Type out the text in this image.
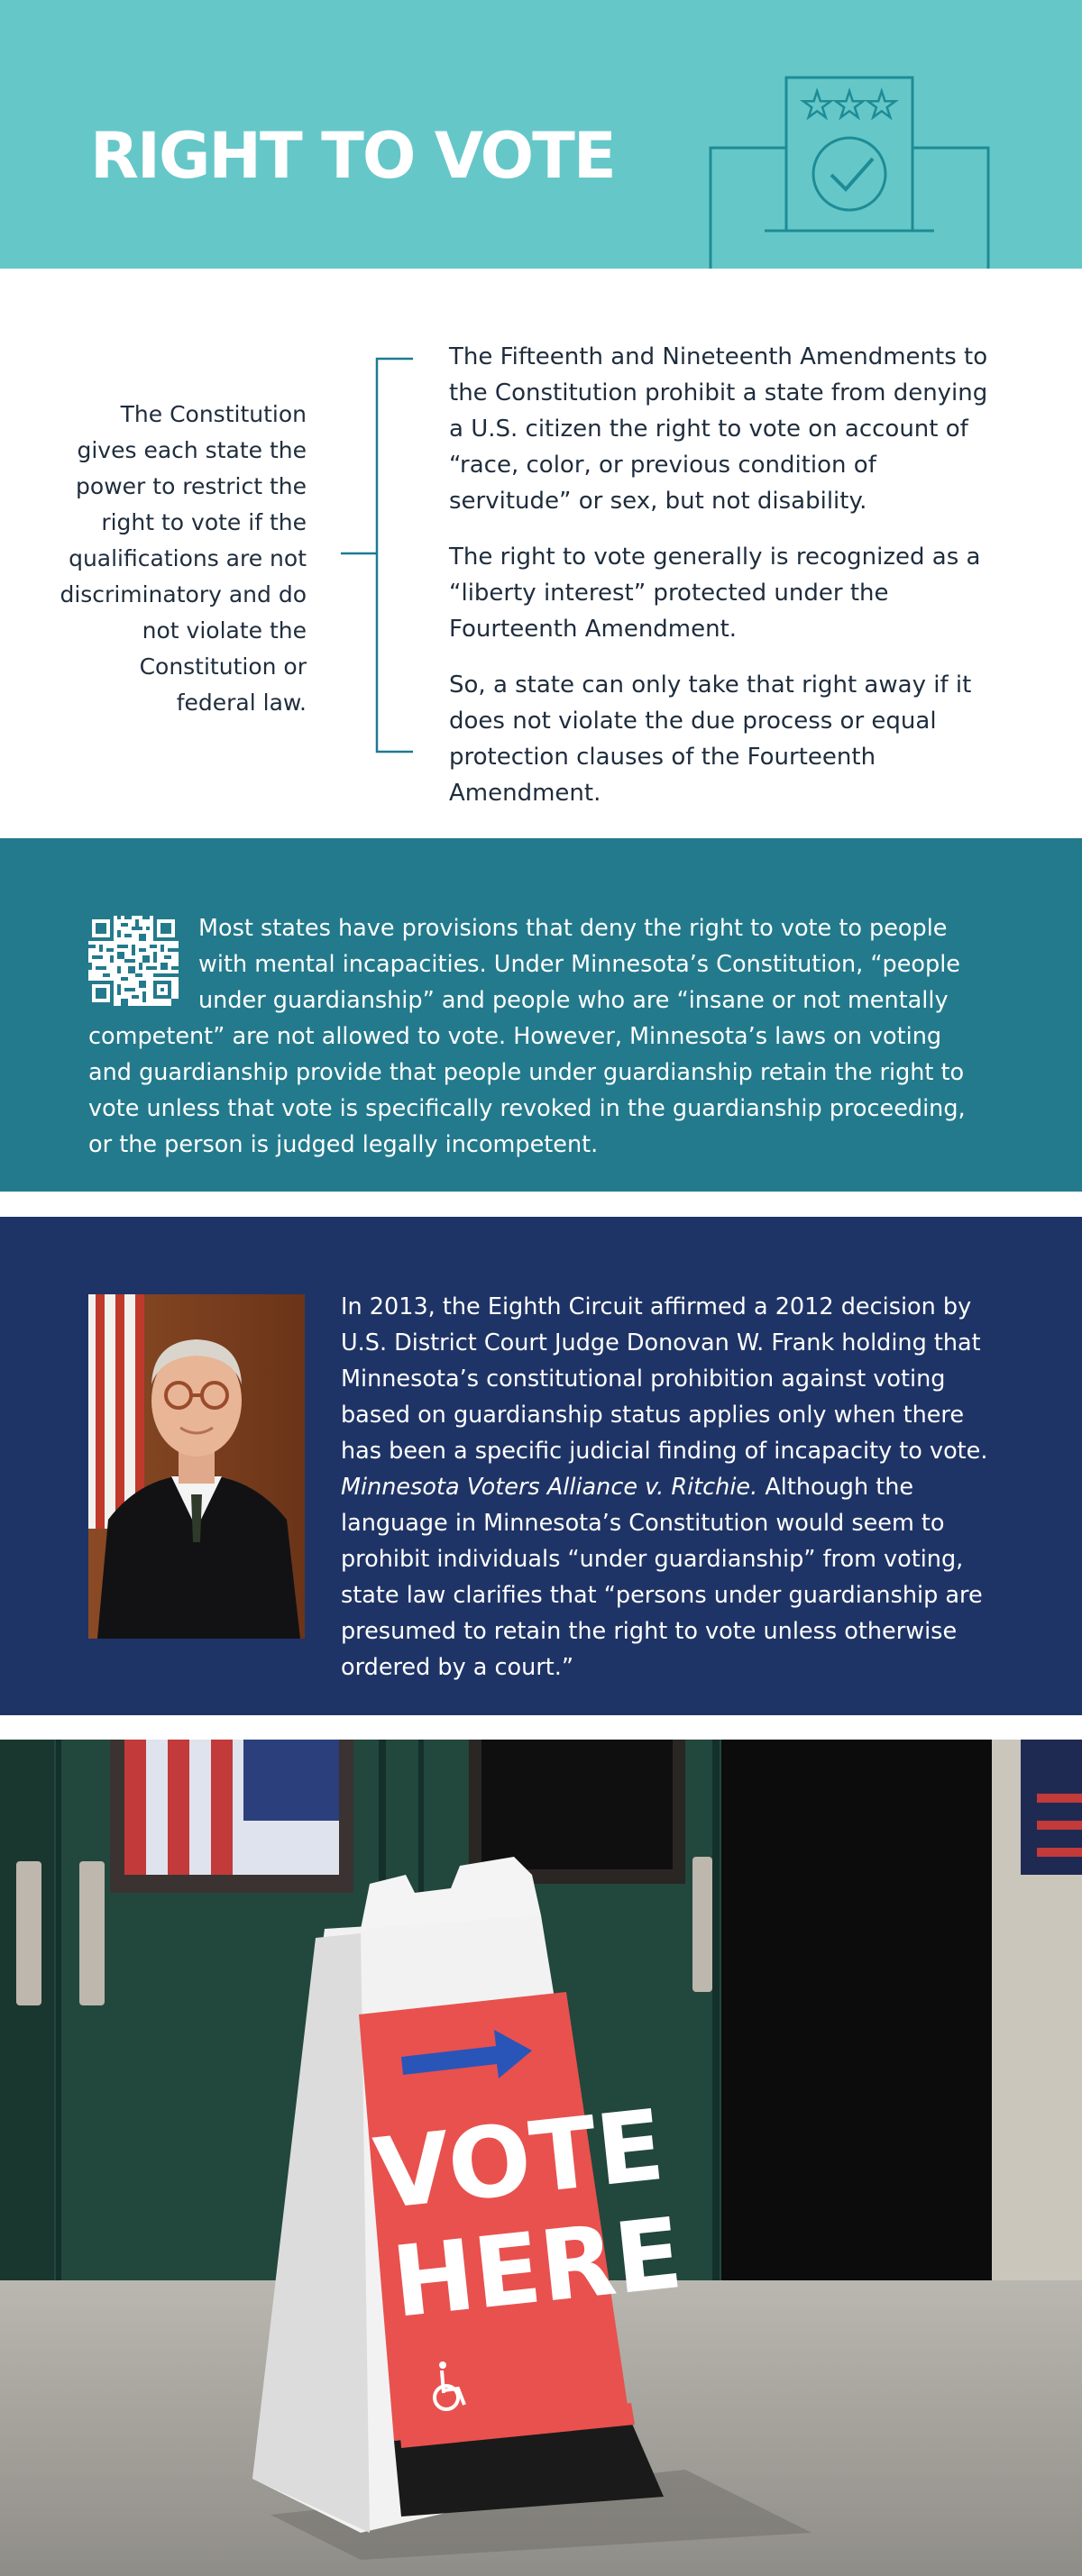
RIGHT TO VOTE
★★★

The Constitution gives each state the power to restrict the right to vote if the qualifications are not discriminatory and do not violate the Constitution or federal law.

The Fifteenth and Nineteenth Amendments to the Constitution prohibit a state from denying a U.S. citizen the right to vote on account of “race, color, or previous condition of servitude” or sex, but not disability.

The right to vote generally is recognized as a “liberty interest” protected under the Fourteenth Amendment.

So, a state can only take that right away if it does not violate the due process or equal protection clauses of the Fourteenth Amendment.

Most states have provisions that deny the right to vote to people with mental incapacities. Under Minnesota’s Constitution, “people under guardianship” and people who are “insane or not mentally competent” are not allowed to vote. However, Minnesota’s laws on voting and guardianship provide that people under guardianship retain the right to vote unless that vote is specifically revoked in the guardianship proceeding, or the person is judged legally incompetent.

In 2013, the Eighth Circuit affirmed a 2012 decision by U.S. District Court Judge Donovan W. Frank holding that Minnesota’s constitutional prohibition against voting based on guardianship status applies only when there has been a specific judicial finding of incapacity to vote. Minnesota Voters Alliance v. Ritchie. Although the language in Minnesota’s Constitution would seem to prohibit individuals “under guardianship” from voting, state law clarifies that “persons under guardianship are presumed to retain the right to vote unless otherwise ordered by a court.”

VOTE
HERE
